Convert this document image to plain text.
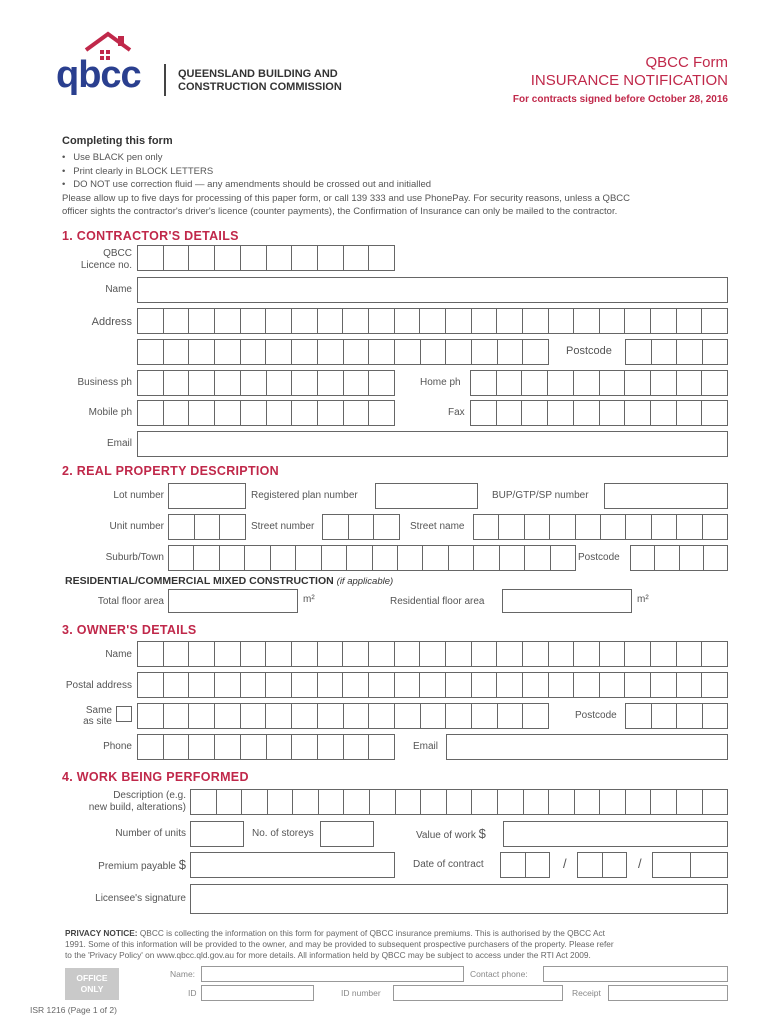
qbcc	QUEENSLAND BUILDING AND
CONSTRUCTION COMMISSION
QBCC Form
INSURANCE NOTIFICATION
For contracts signed before October 28, 2016
Completing this form
•   Use BLACK pen only
•   Print clearly in BLOCK LETTERS
•   DO NOT use correction fluid — any amendments should be crossed out and initialled
Please allow up to five days for processing of this paper form, or call 139 333 and use PhonePay. For security reasons, unless a QBCC
officer sights the contractor's driver's licence (counter payments), the Confirmation of Insurance can only be mailed to the contractor.
1. CONTRACTOR'S DETAILS
QBCC
Licence no.
Name
Address
Postcode
Business ph	Home ph
Mobile ph	Fax
Email
2. REAL PROPERTY DESCRIPTION
Lot number	Registered plan number	BUP/GTP/SP number
Unit number	Street number	Street name
Suburb/Town	Postcode
RESIDENTIAL/COMMERCIAL MIXED CONSTRUCTION (if applicable)
Total floor area	m²	Residential floor area	m²
3. OWNER'S DETAILS
Name
Postal address
Same
as site
Postcode
Phone	Email
4. WORK BEING PERFORMED
Description (e.g.
new build, alterations)
Number of units	No. of storeys	Value of work $
Premium payable $	Date of contract	/	/
Licensee's signature
PRIVACY NOTICE: QBCC is collecting the information on this form for payment of QBCC insurance premiums. This is authorised by the QBCC Act
1991. Some of this information will be provided to the owner, and may be provided to subsequent prospective purchasers of the property. Please refer
to the 'Privacy Policy' on www.qbcc.qld.gov.au for more details. All information held by QBCC may be subject to access under the RTI Act 2009.
OFFICE
ONLY
Name:	Contact phone:
ID	ID number	Receipt
ISR 1216 (Page 1 of 2)
